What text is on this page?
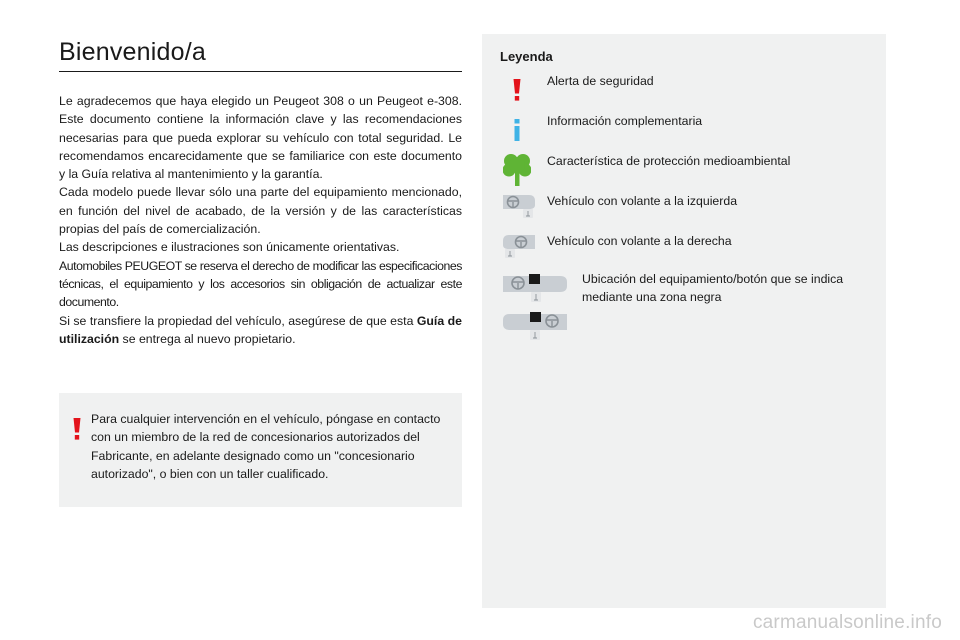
Bienvenido/a

Le agradecemos que haya elegido un Peugeot 308 o un Peugeot e-308. Este documento contiene la información clave y las recomendaciones necesarias para que pueda explorar su vehículo con total seguridad. Le recomendamos encarecidamente que se familiarice con este documento y la Guía relativa al mantenimiento y la garantía.

Cada modelo puede llevar sólo una parte del equipamiento mencionado, en función del nivel de acabado, de la versión y de las características propias del país de comercialización.

Las descripciones e ilustraciones son únicamente orientativas.

Automobiles PEUGEOT se reserva el derecho de modificar las especificaciones técnicas, el equipamiento y los accesorios sin obligación de actualizar este documento.

Si se transfiere la propiedad del vehículo, asegúrese de que esta Guía de utilización se entrega al nuevo propietario.

Para cualquier intervención en el vehículo, póngase en contacto con un miembro de la red de concesionarios autorizados del Fabricante, en adelante designado como un "concesionario autorizado", o bien con un taller cualificado.
Leyenda
Alerta de seguridad
Información complementaria
Característica de protección medioambiental
Vehículo con volante a la izquierda
Vehículo con volante a la derecha
Ubicación del equipamiento/botón que se indica mediante una zona negra
carmanualsonline.info
